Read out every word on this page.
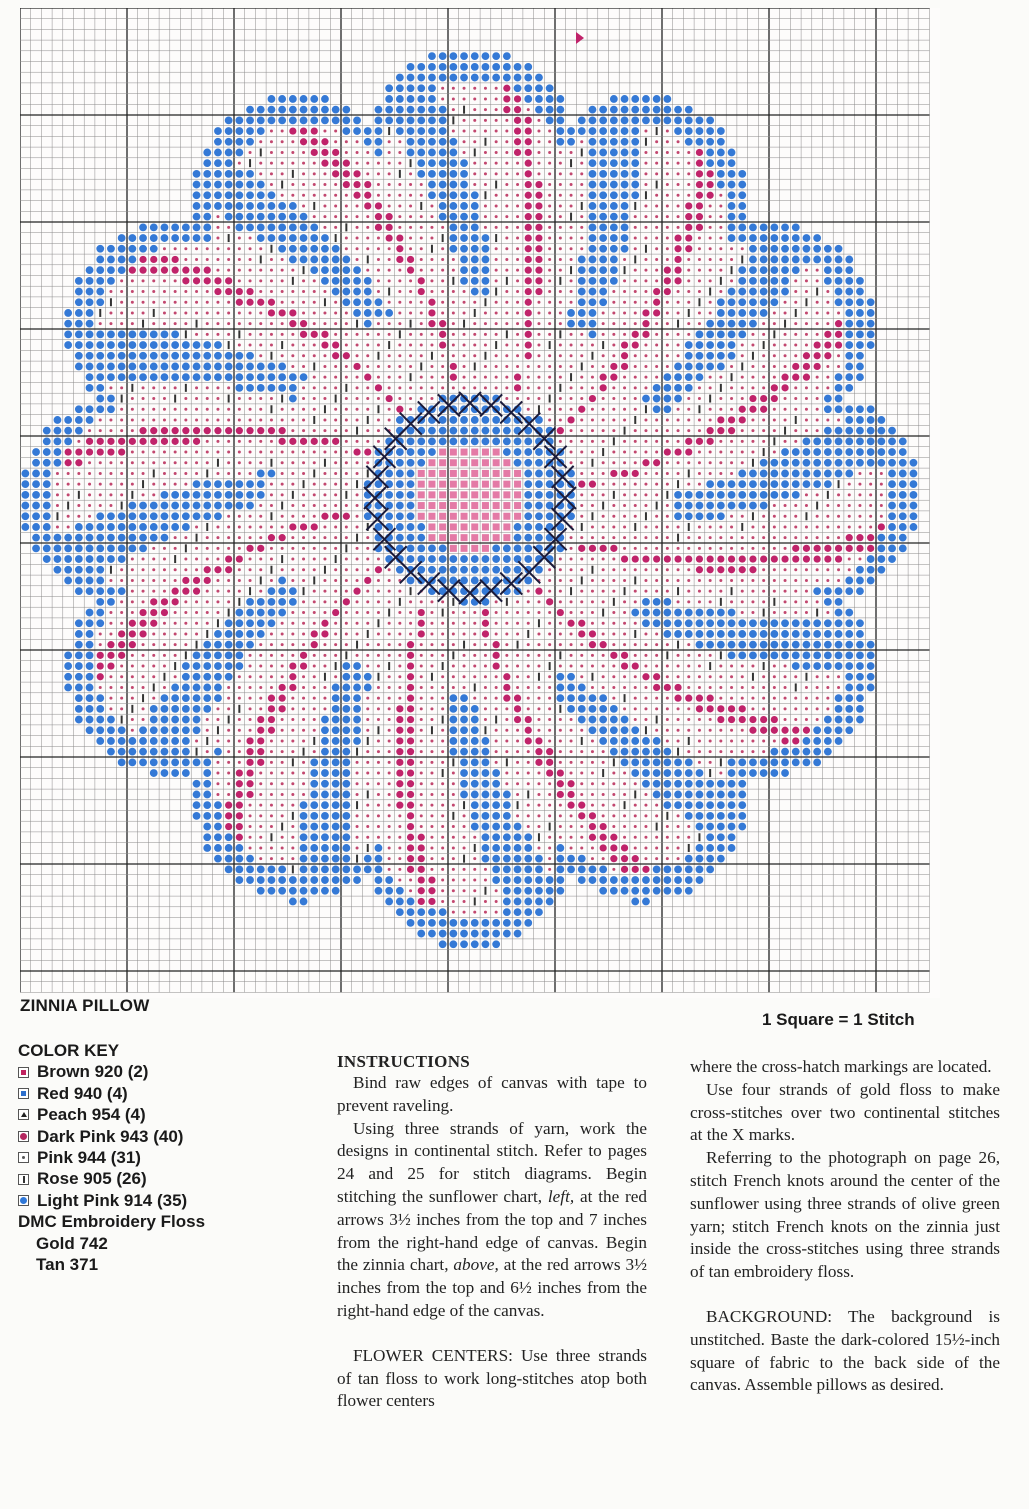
ZINNIA PILLOW
1 Square = 1 Stitch
COLOR KEY
Brown 920 (2)
Red 940 (4)
Peach 954 (4)
Dark Pink 943 (40)
Pink 944 (31)
Rose 905 (26)
Light Pink 914 (35)
DMC Embroidery Floss
Gold 742
Tan 371
INSTRUCTIONS

Bind raw edges of canvas with tape to prevent raveling.

Using three strands of yarn, work the designs in continental stitch. Refer to pages 24 and 25 for stitch diagrams. Begin stitching the sunflower chart, left, at the red arrows 3½ inches from the top and 7 inches from the right-hand edge of canvas. Begin the zinnia chart, above, at the red arrows 3½ inches from the top and 6½ inches from the right-hand edge of the canvas.

FLOWER CENTERS: Use three strands of tan floss to work long-stitches atop both flower centers

where the cross-hatch markings are located.

Use four strands of gold floss to make cross-stitches over two continental stitches at the X marks.

Referring to the photograph on page 26, stitch French knots around the center of the sunflower using three strands of olive green yarn; stitch French knots on the zinnia just inside the cross-stitches using three strands of tan embroidery floss.

BACKGROUND: The background is unstitched. Baste the dark-colored 15½-inch square of fabric to the back side of the canvas. Assemble pillows as desired.
